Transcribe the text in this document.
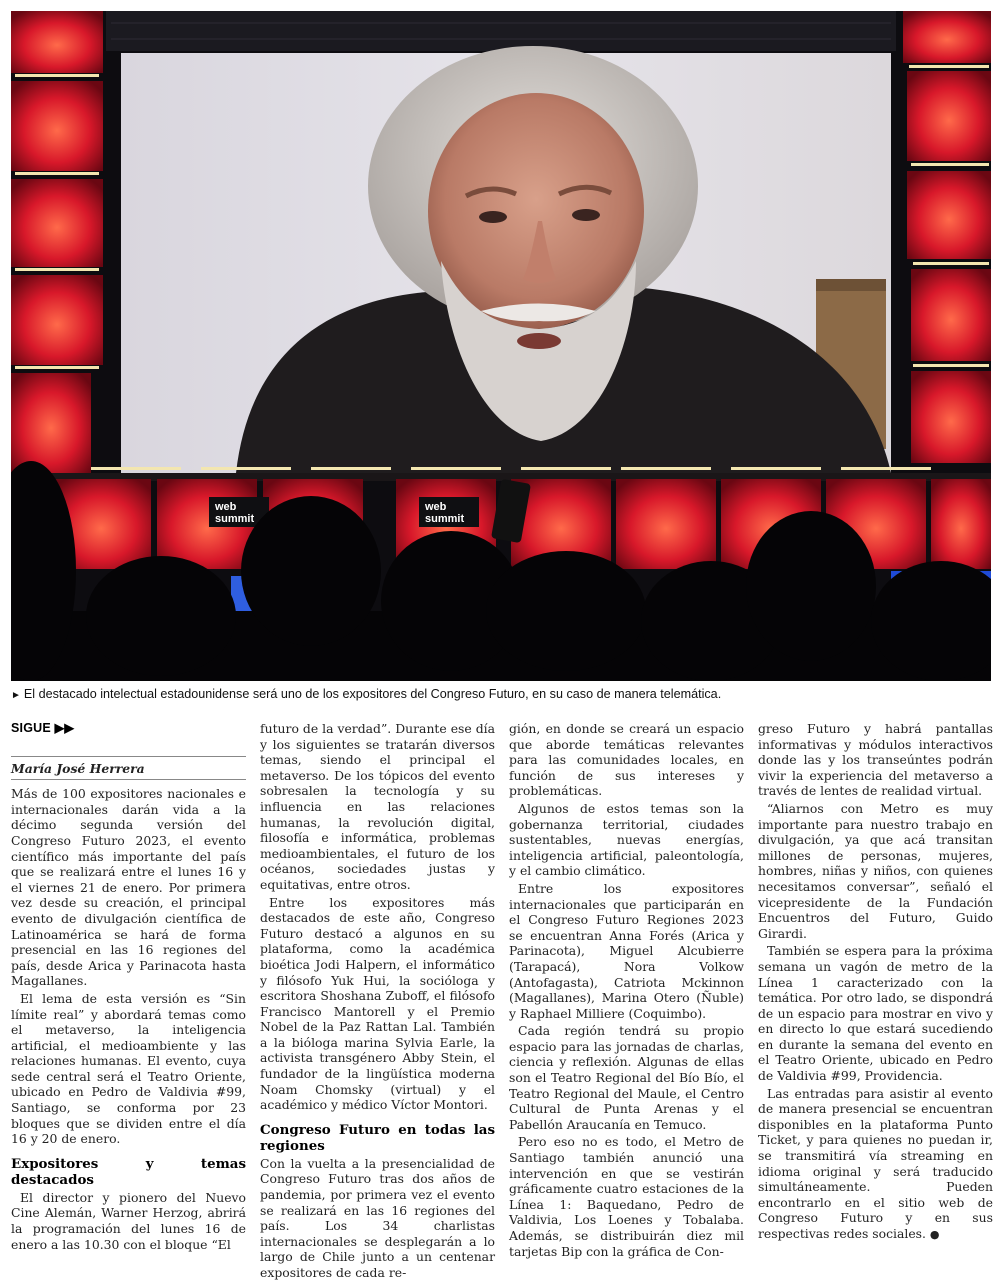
web
summit
web
summit
► El destacado intelectual estadounidense será uno de los expositores del Congreso Futuro, en su caso de manera telemática.
SIGUE ▶▶
María José Herrera

Más de 100 expositores nacionales e internacionales darán vida a la décimo segunda versión del Congreso Futuro 2023, el evento científico más importante del país que se realizará entre el lunes 16 y el viernes 21 de enero. Por primera vez desde su creación, el principal evento de divulgación científica de Latinoamérica se hará de forma presencial en las 16 regiones del país, desde Arica y Parinacota hasta Magallanes.

El lema de esta versión es “Sin límite real” y abordará temas como el metaverso, la inteligencia artificial, el medioambiente y las relaciones humanas. El evento, cuya sede central será el Teatro Oriente, ubicado en Pedro de Valdivia #99, Santiago, se conforma por 23 bloques que se dividen entre el día 16 y 20 de enero.

Expositores y temas destacados

El director y pionero del Nuevo Cine Alemán, Warner Herzog, abrirá la programación del lunes 16 de enero a las 10.30 con el bloque “El

futuro de la verdad”. Durante ese día y los siguientes se tratarán diversos temas, siendo el principal el metaverso. De los tópicos del evento sobresalen la tecnología y su influencia en las relaciones humanas, la revolución digital, filosofía e informática, problemas medioambientales, el futuro de los océanos, sociedades justas y equitativas, entre otros.

Entre los expositores más destacados de este año, Congreso Futuro destacó a algunos en su plataforma, como la académica bioética Jodi Halpern, el informático y filósofo Yuk Hui, la socióloga y escritora Shoshana Zuboff, el filósofo Francisco Mantorell y el Premio Nobel de la Paz Rattan Lal. También a la bióloga marina Sylvia Earle, la activista transgénero Abby Stein, el fundador de la lingüística moderna Noam Chomsky (virtual) y el académico y médico Víctor Montori.

Congreso Futuro en todas las regiones

Con la vuelta a la presencialidad de Congreso Futuro tras dos años de pandemia, por primera vez el evento se realizará en las 16 regiones del país. Los 34 charlistas internacionales se desplegarán a lo largo de Chile junto a un centenar expositores de cada re-

gión, en donde se creará un espacio que aborde temáticas relevantes para las comunidades locales, en función de sus intereses y problemáticas.

Algunos de estos temas son la gobernanza territorial, ciudades sustentables, nuevas energías, inteligencia artificial, paleontología, y el cambio climático.

Entre los expositores internacionales que participarán en el Congreso Futuro Regiones 2023 se encuentran Anna Forés (Arica y Parinacota), Miguel Alcubierre (Tarapacá), Nora Volkow (Antofagasta), Catriota Mckinnon (Magallanes), Marina Otero (Ñuble) y Raphael Milliere (Coquimbo).

Cada región tendrá su propio espacio para las jornadas de charlas, ciencia y reflexión. Algunas de ellas son el Teatro Regional del Bío Bío, el Teatro Regional del Maule, el Centro Cultural de Punta Arenas y el Pabellón Araucanía en Temuco.

Pero eso no es todo, el Metro de Santiago también anunció una intervención en que se vestirán gráficamente cuatro estaciones de la Línea 1: Baquedano, Pedro de Valdivia, Los Loenes y Tobalaba. Además, se distribuirán diez mil tarjetas Bip con la gráfica de Con-

greso Futuro y habrá pantallas informativas y módulos interactivos donde las y los transeúntes podrán vivir la experiencia del metaverso a través de lentes de realidad virtual.

“Aliarnos con Metro es muy importante para nuestro trabajo en divulgación, ya que acá transitan millones de personas, mujeres, hombres, niñas y niños, con quienes necesitamos conversar”, señaló el vicepresidente de la Fundación Encuentros del Futuro, Guido Girardi.

También se espera para la próxima semana un vagón de metro de la Línea 1 caracterizado con la temática. Por otro lado, se dispondrá de un espacio para mostrar en vivo y en directo lo que estará sucediendo en durante la semana del evento en el Teatro Oriente, ubicado en Pedro de Valdivia #99, Providencia.

Las entradas para asistir al evento de manera presencial se encuentran disponibles en la plataforma Punto Ticket, y para quienes no puedan ir, se transmitirá vía streaming en idioma original y será traducido simultáneamente. Pueden encontrarlo en el sitio web de Congreso Futuro y en sus respectivas redes sociales. ●
